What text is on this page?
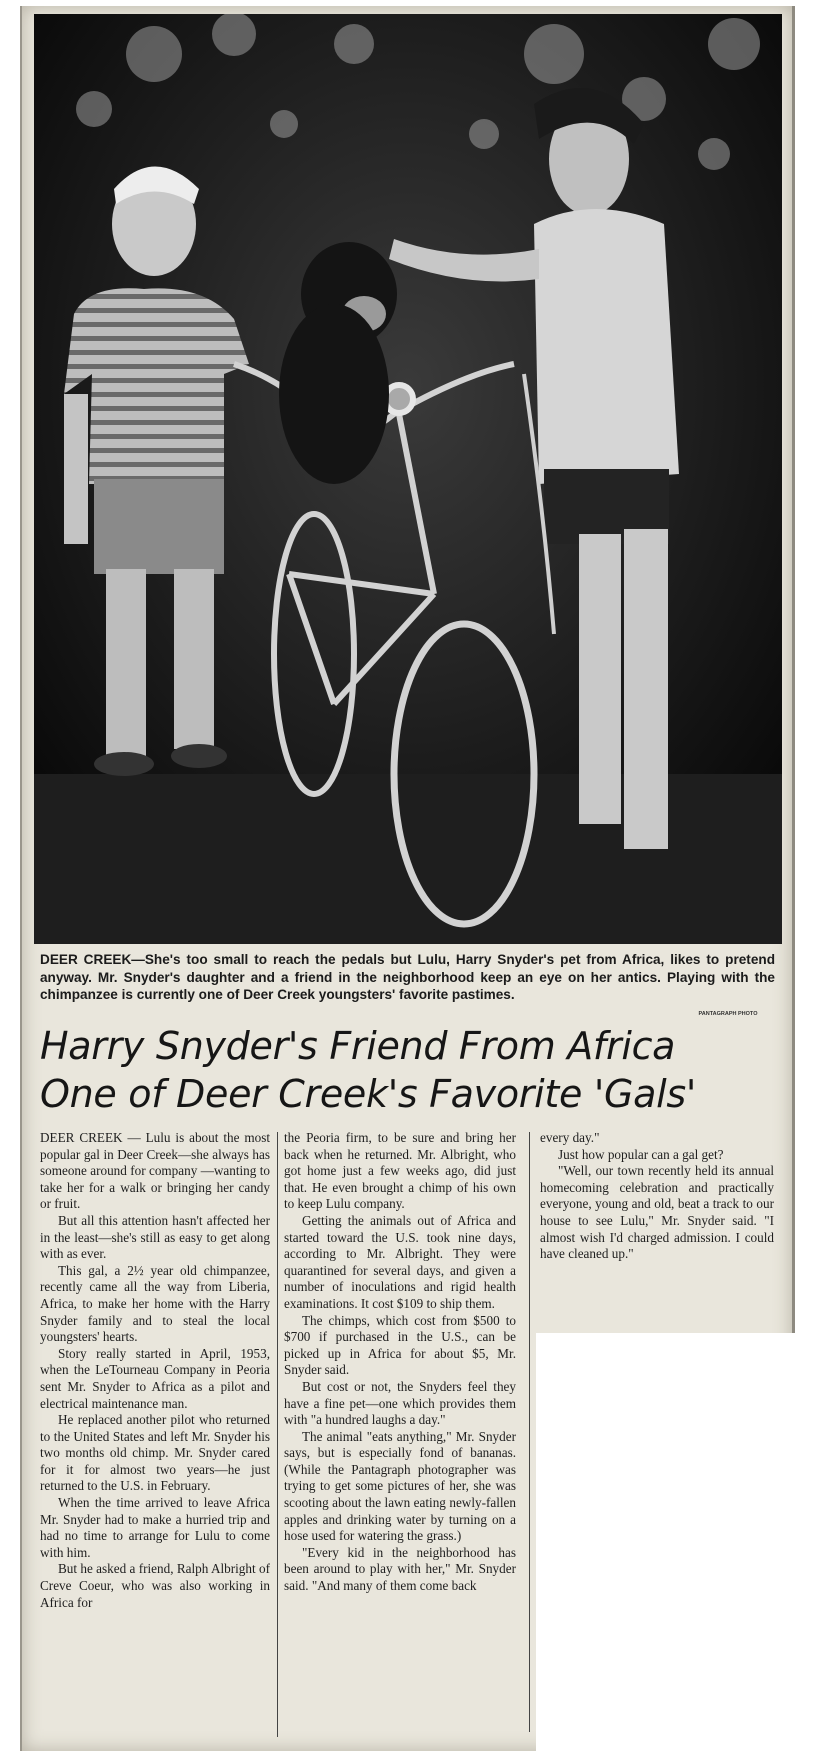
DEER CREEK—She's too small to reach the pedals but Lulu, Harry Snyder's pet from Africa, likes to pretend anyway. Mr. Snyder's daughter and a friend in the neighborhood keep an eye on her antics. Playing with the chimpanzee is currently one of Deer Creek youngsters' favorite pastimes.
PANTAGRAPH PHOTO
Harry Snyder's Friend From Africa
One of Deer Creek's Favorite 'Gals'

DEER CREEK — Lulu is about the most popular gal in Deer Creek—she always has someone around for company —wanting to take her for a walk or bringing her candy or fruit.

But all this attention hasn't affected her in the least—she's still as easy to get along with as ever.

This gal, a 2½ year old chimpanzee, recently came all the way from Liberia, Africa, to make her home with the Harry Snyder family and to steal the local youngsters' hearts.

Story really started in April, 1953, when the LeTourneau Company in Peoria sent Mr. Snyder to Africa as a pilot and electrical maintenance man.

He replaced another pilot who returned to the United States and left Mr. Snyder his two months old chimp. Mr. Snyder cared for it for almost two years—he just returned to the U.S. in February.

When the time arrived to leave Africa Mr. Snyder had to make a hurried trip and had no time to arrange for Lulu to come with him.

But he asked a friend, Ralph Albright of Creve Coeur, who was also working in Africa for

the Peoria firm, to be sure and bring her back when he returned. Mr. Albright, who got home just a few weeks ago, did just that. He even brought a chimp of his own to keep Lulu company.

Getting the animals out of Africa and started toward the U.S. took nine days, according to Mr. Albright. They were quarantined for several days, and given a number of inoculations and rigid health examinations. It cost $109 to ship them.

The chimps, which cost from $500 to $700 if purchased in the U.S., can be picked up in Africa for about $5, Mr. Snyder said.

But cost or not, the Snyders feel they have a fine pet—one which provides them with "a hundred laughs a day."

The animal "eats anything," Mr. Snyder says, but is especially fond of bananas. (While the Pantagraph photographer was trying to get some pictures of her, she was scooting about the lawn eating newly-fallen apples and drinking water by turning on a hose used for watering the grass.)

"Every kid in the neighborhood has been around to play with her," Mr. Snyder said. "And many of them come back

every day."

Just how popular can a gal get?

"Well, our town recently held its annual homecoming celebration and practically everyone, young and old, beat a track to our house to see Lulu," Mr. Snyder said. "I almost wish I'd charged admission. I could have cleaned up."
